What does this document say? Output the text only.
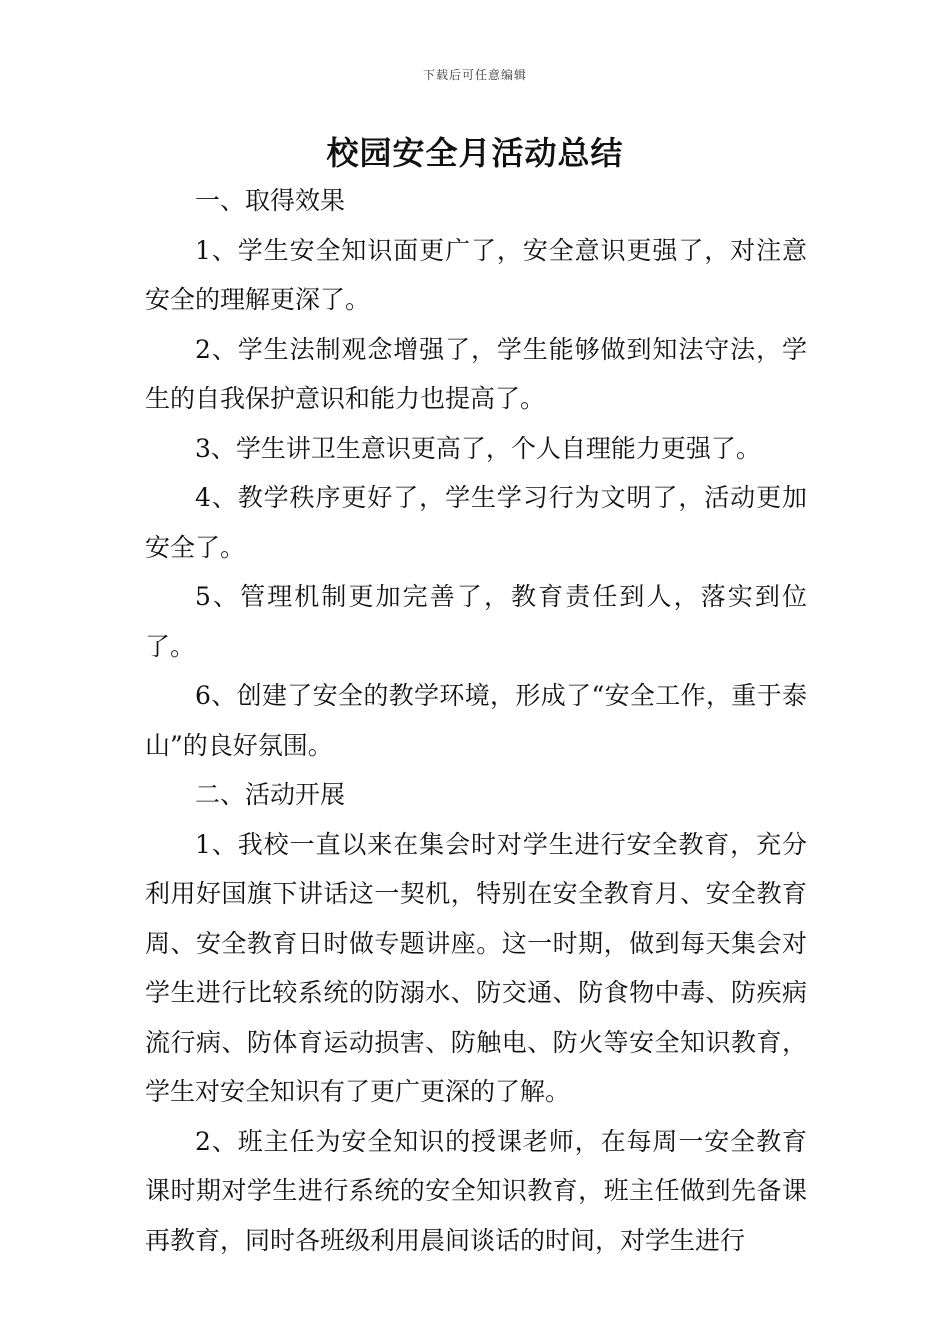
下载后可任意编辑
校园安全月活动总结

一、取得效果

1、学生安全知识面更广了，安全意识更强了，对注意安全的理解更深了。

2、学生法制观念增强了，学生能够做到知法守法，学生的自我保护意识和能力也提高了。

3、学生讲卫生意识更高了，个人自理能力更强了。

4、教学秩序更好了，学生学习行为文明了，活动更加安全了。

5、管理机制更加完善了，教育责任到人，落实到位了。

6、创建了安全的教学环境，形成了“安全工作，重于泰山”的良好氛围。

二、活动开展

1、我校一直以来在集会时对学生进行安全教育，充分利用好国旗下讲话这一契机，特别在安全教育月、安全教育周、安全教育日时做专题讲座。这一时期，做到每天集会对学生进行比较系统的防溺水、防交通、防食物中毒、防疾病流行病、防体育运动损害、防触电、防火等安全知识教育，学生对安全知识有了更广更深的了解。

2、班主任为安全知识的授课老师，在每周一安全教育课时期对学生进行系统的安全知识教育，班主任做到先备课再教育，同时各班级利用晨间谈话的时间，对学生进行
